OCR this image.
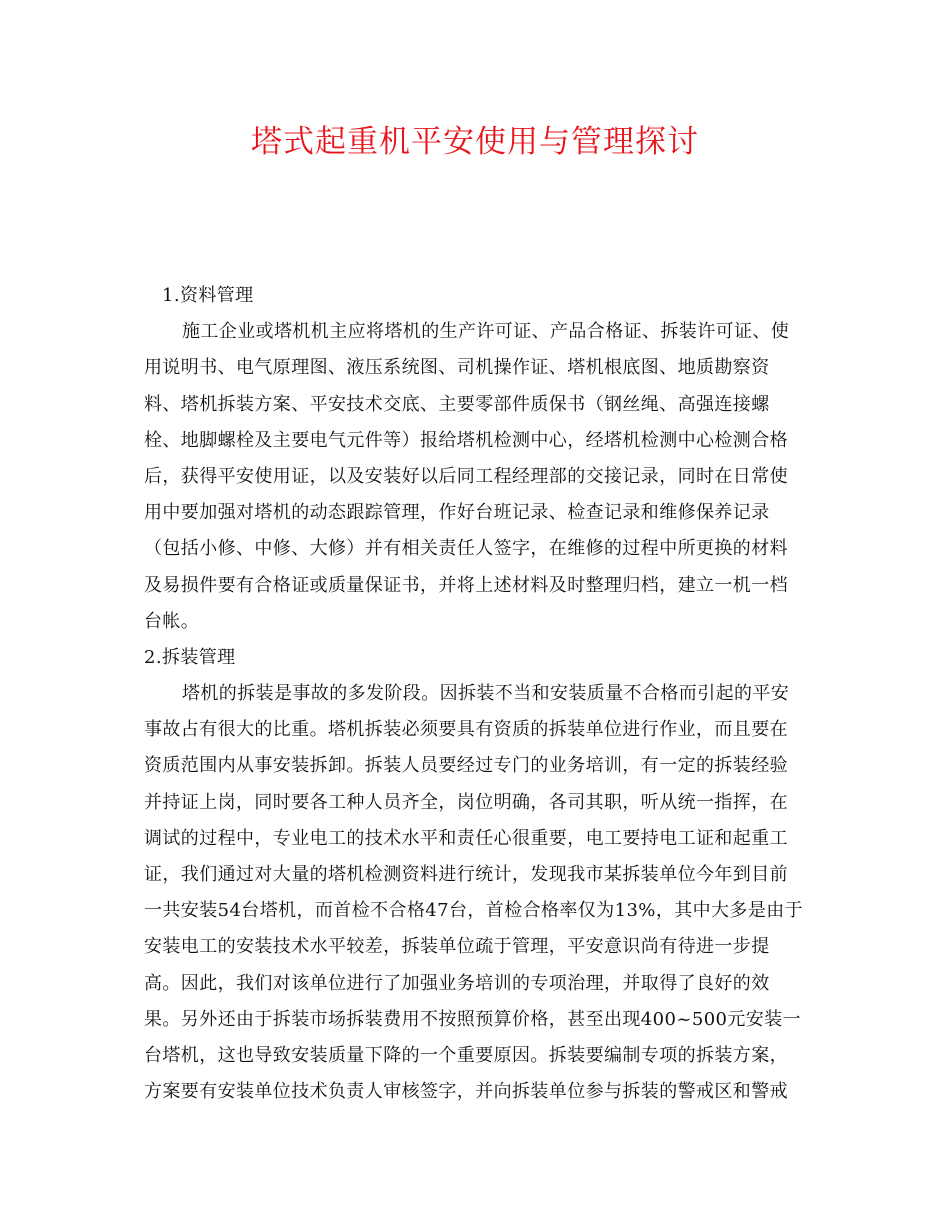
塔式起重机平安使用与管理探讨
1.资料管理
施工企业或塔机机主应将塔机的生产许可证、产品合格证、拆装许可证、使
用说明书、电气原理图、液压系统图、司机操作证、塔机根底图、地质勘察资
料、塔机拆装方案、平安技术交底、主要零部件质保书（钢丝绳、高强连接螺
栓、地脚螺栓及主要电气元件等）报给塔机检测中心，经塔机检测中心检测合格
后，获得平安使用证，以及安装好以后同工程经理部的交接记录，同时在日常使
用中要加强对塔机的动态跟踪管理，作好台班记录、检查记录和维修保养记录
（包括小修、中修、大修）并有相关责任人签字，在维修的过程中所更换的材料
及易损件要有合格证或质量保证书，并将上述材料及时整理归档，建立一机一档
台帐。
2.拆装管理
塔机的拆装是事故的多发阶段。因拆装不当和安装质量不合格而引起的平安
事故占有很大的比重。塔机拆装必须要具有资质的拆装单位进行作业，而且要在
资质范围内从事安装拆卸。拆装人员要经过专门的业务培训，有一定的拆装经验
并持证上岗，同时要各工种人员齐全，岗位明确，各司其职，听从统一指挥，在
调试的过程中，专业电工的技术水平和责任心很重要，电工要持电工证和起重工
证，我们通过对大量的塔机检测资料进行统计，发现我市某拆装单位今年到目前
一共安装54台塔机，而首检不合格47台，首检合格率仅为13%，其中大多是由于
安装电工的安装技术水平较差，拆装单位疏于管理，平安意识尚有待进一步提
高。因此，我们对该单位进行了加强业务培训的专项治理，并取得了良好的效
果。另外还由于拆装市场拆装费用不按照预算价格，甚至出现400~500元安装一
台塔机，这也导致安装质量下降的一个重要原因。拆装要编制专项的拆装方案，
方案要有安装单位技术负责人审核签字，并向拆装单位参与拆装的警戒区和警戒
